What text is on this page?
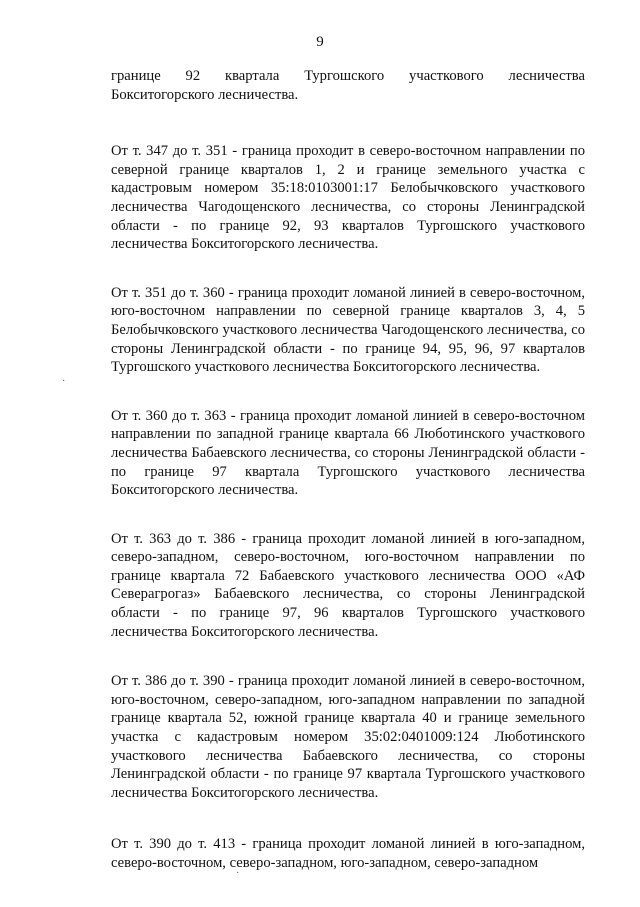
9

границе 92 квартала Тургошского участкового лесничества Бокситогорского лесничества.

От т. 347 до т. 351 - граница проходит в северо-восточном направлении по северной границе кварталов 1, 2 и границе земельного участка с кадастровым номером 35:18:0103001:17 Белобычковского участкового лесничества Чагодощенского лесничества, со стороны Ленинградской области - по границе 92, 93 кварталов Тургошского участкового лесничества Бокситогорского лесничества.

От т. 351 до т. 360 - граница проходит ломаной линией в северо-восточном, юго-восточном направлении по северной границе кварталов 3, 4, 5 Белобычковского участкового лесничества Чагодощенского лесничества, со стороны Ленинградской области - по границе 94, 95, 96, 97 кварталов Тургошского участкового лесничества Бокситогорского лесничества.

От т. 360 до т. 363 - граница проходит ломаной линией в северо-восточном направлении по западной границе квартала 66 Люботинского участкового лесничества Бабаевского лесничества, со стороны Ленинградской области - по границе 97 квартала Тургошского участкового лесничества Бокситогорского лесничества.

От т. 363 до т. 386 - граница проходит ломаной линией в юго-западном, северо-западном, северо-восточном, юго-восточном направлении по границе квартала 72 Бабаевского участкового лесничества ООО «АФ Северагрогаз» Бабаевского лесничества, со стороны Ленинградской области - по границе 97, 96 кварталов Тургошского участкового лесничества Бокситогорского лесничества.

От т. 386 до т. 390 - граница проходит ломаной линией в северо-восточном, юго-восточном, северо-западном, юго-западном направлении по западной границе квартала 52, южной границе квартала 40 и границе земельного участка с кадастровым номером 35:02:0401009:124 Люботинского участкового лесничества Бабаевского лесничества, со стороны Ленинградской области - по границе 97 квартала Тургошского участкового лесничества Бокситогорского лесничества.

От т. 390 до т. 413 - граница проходит ломаной линией в юго-западном, северо-восточном, северо-западном, юго-западном, северо-западном

·
·
